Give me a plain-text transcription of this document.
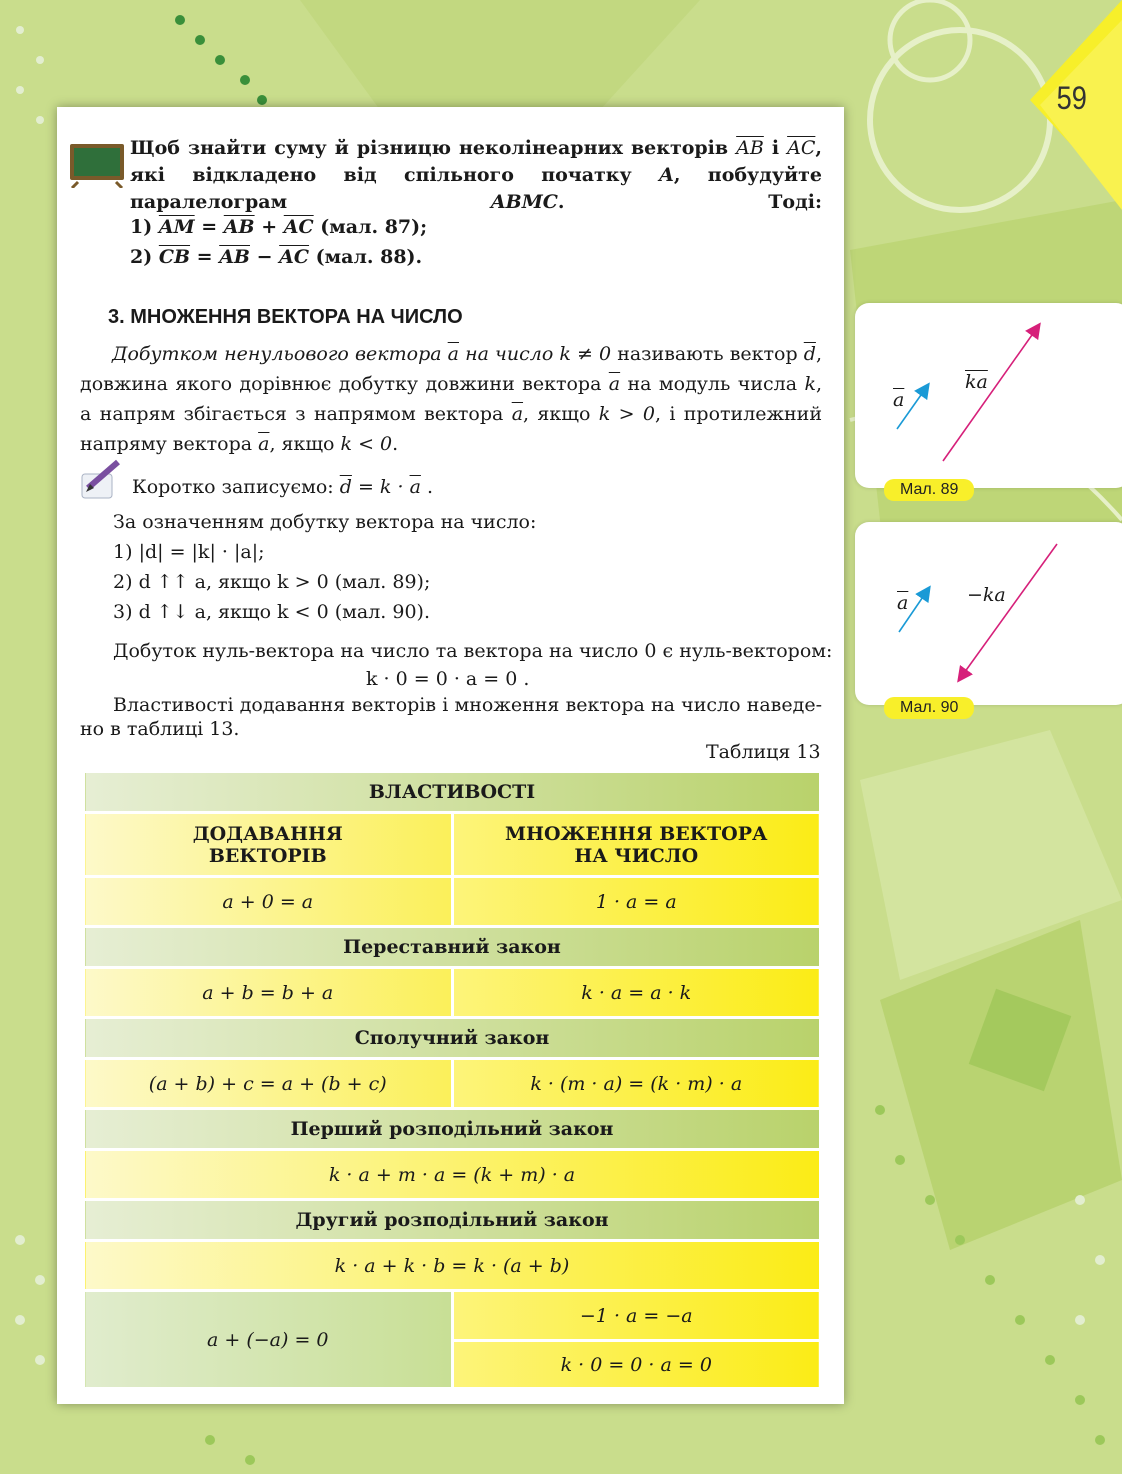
59
$\overline{a}$
$\overline{ka}$
Мал. 89
$\overline{a}$	−ka
Мал. 90
Щоб знайти суму й різницю неколінеарних векторів $\overline{AB}$ і $\overline{AC}$, які відкладено від спільного початку A, побудуйте паралелограм ABMC. Тоді:
1) $\overline{AM} = \overline{AB} + \overline{AC}$ (мал. 87);
2) $\overline{CB} = \overline{AB} - \overline{AC}$ (мал. 88).
3. МНОЖЕННЯ ВЕКТОРА НА ЧИСЛО
Добутком ненульового вектора $\overline{a}$ на число k ≠ 0 називають вектор $\overline{d}$,
довжина якого дорівнює добутку довжини вектора $\overline{a}$ на модуль числа k,
а напрям збігається з напрямом вектора $\overline{a}$, якщо k > 0, і протилежний
напряму вектора $\overline{a}$, якщо k < 0.
Коротко записуємо: $\overline{d} = k \cdot \overline{a}$ .
За означенням добутку вектора на число:
1) |d| = |k| · |a|;
2) d ↑↑ a, якщо k > 0 (мал. 89);
3) d ↑↓ a, якщо k < 0 (мал. 90).
Добуток нуль-вектора на число та вектора на число 0 є нуль-вектором:
k · 0 = 0 · a = 0 .
Властивості додавання векторів і множення вектора на число наведе-
но в таблиці 13.
Таблиця 13
ВЛАСТИВОСТІ	
ДОДАВАННЯ ВЕКТОРІВ	МНОЖЕННЯ ВЕКТОРА НА ЧИСЛО
a + 0 = a	1 · a = a
Переставний закон	
a + b = b + a	k · a = a · k
Сполучний закон	
(a + b) + c = a + (b + c)	k · (m · a) = (k · m) · a
Перший розподільний закон	
k · a + m · a = (k + m) · a	
Другий розподільний закон	
k · a + k · b = k · (a + b)	
a + (−a) = 0	−1 · a = −a
	k · 0 = 0 · a = 0
